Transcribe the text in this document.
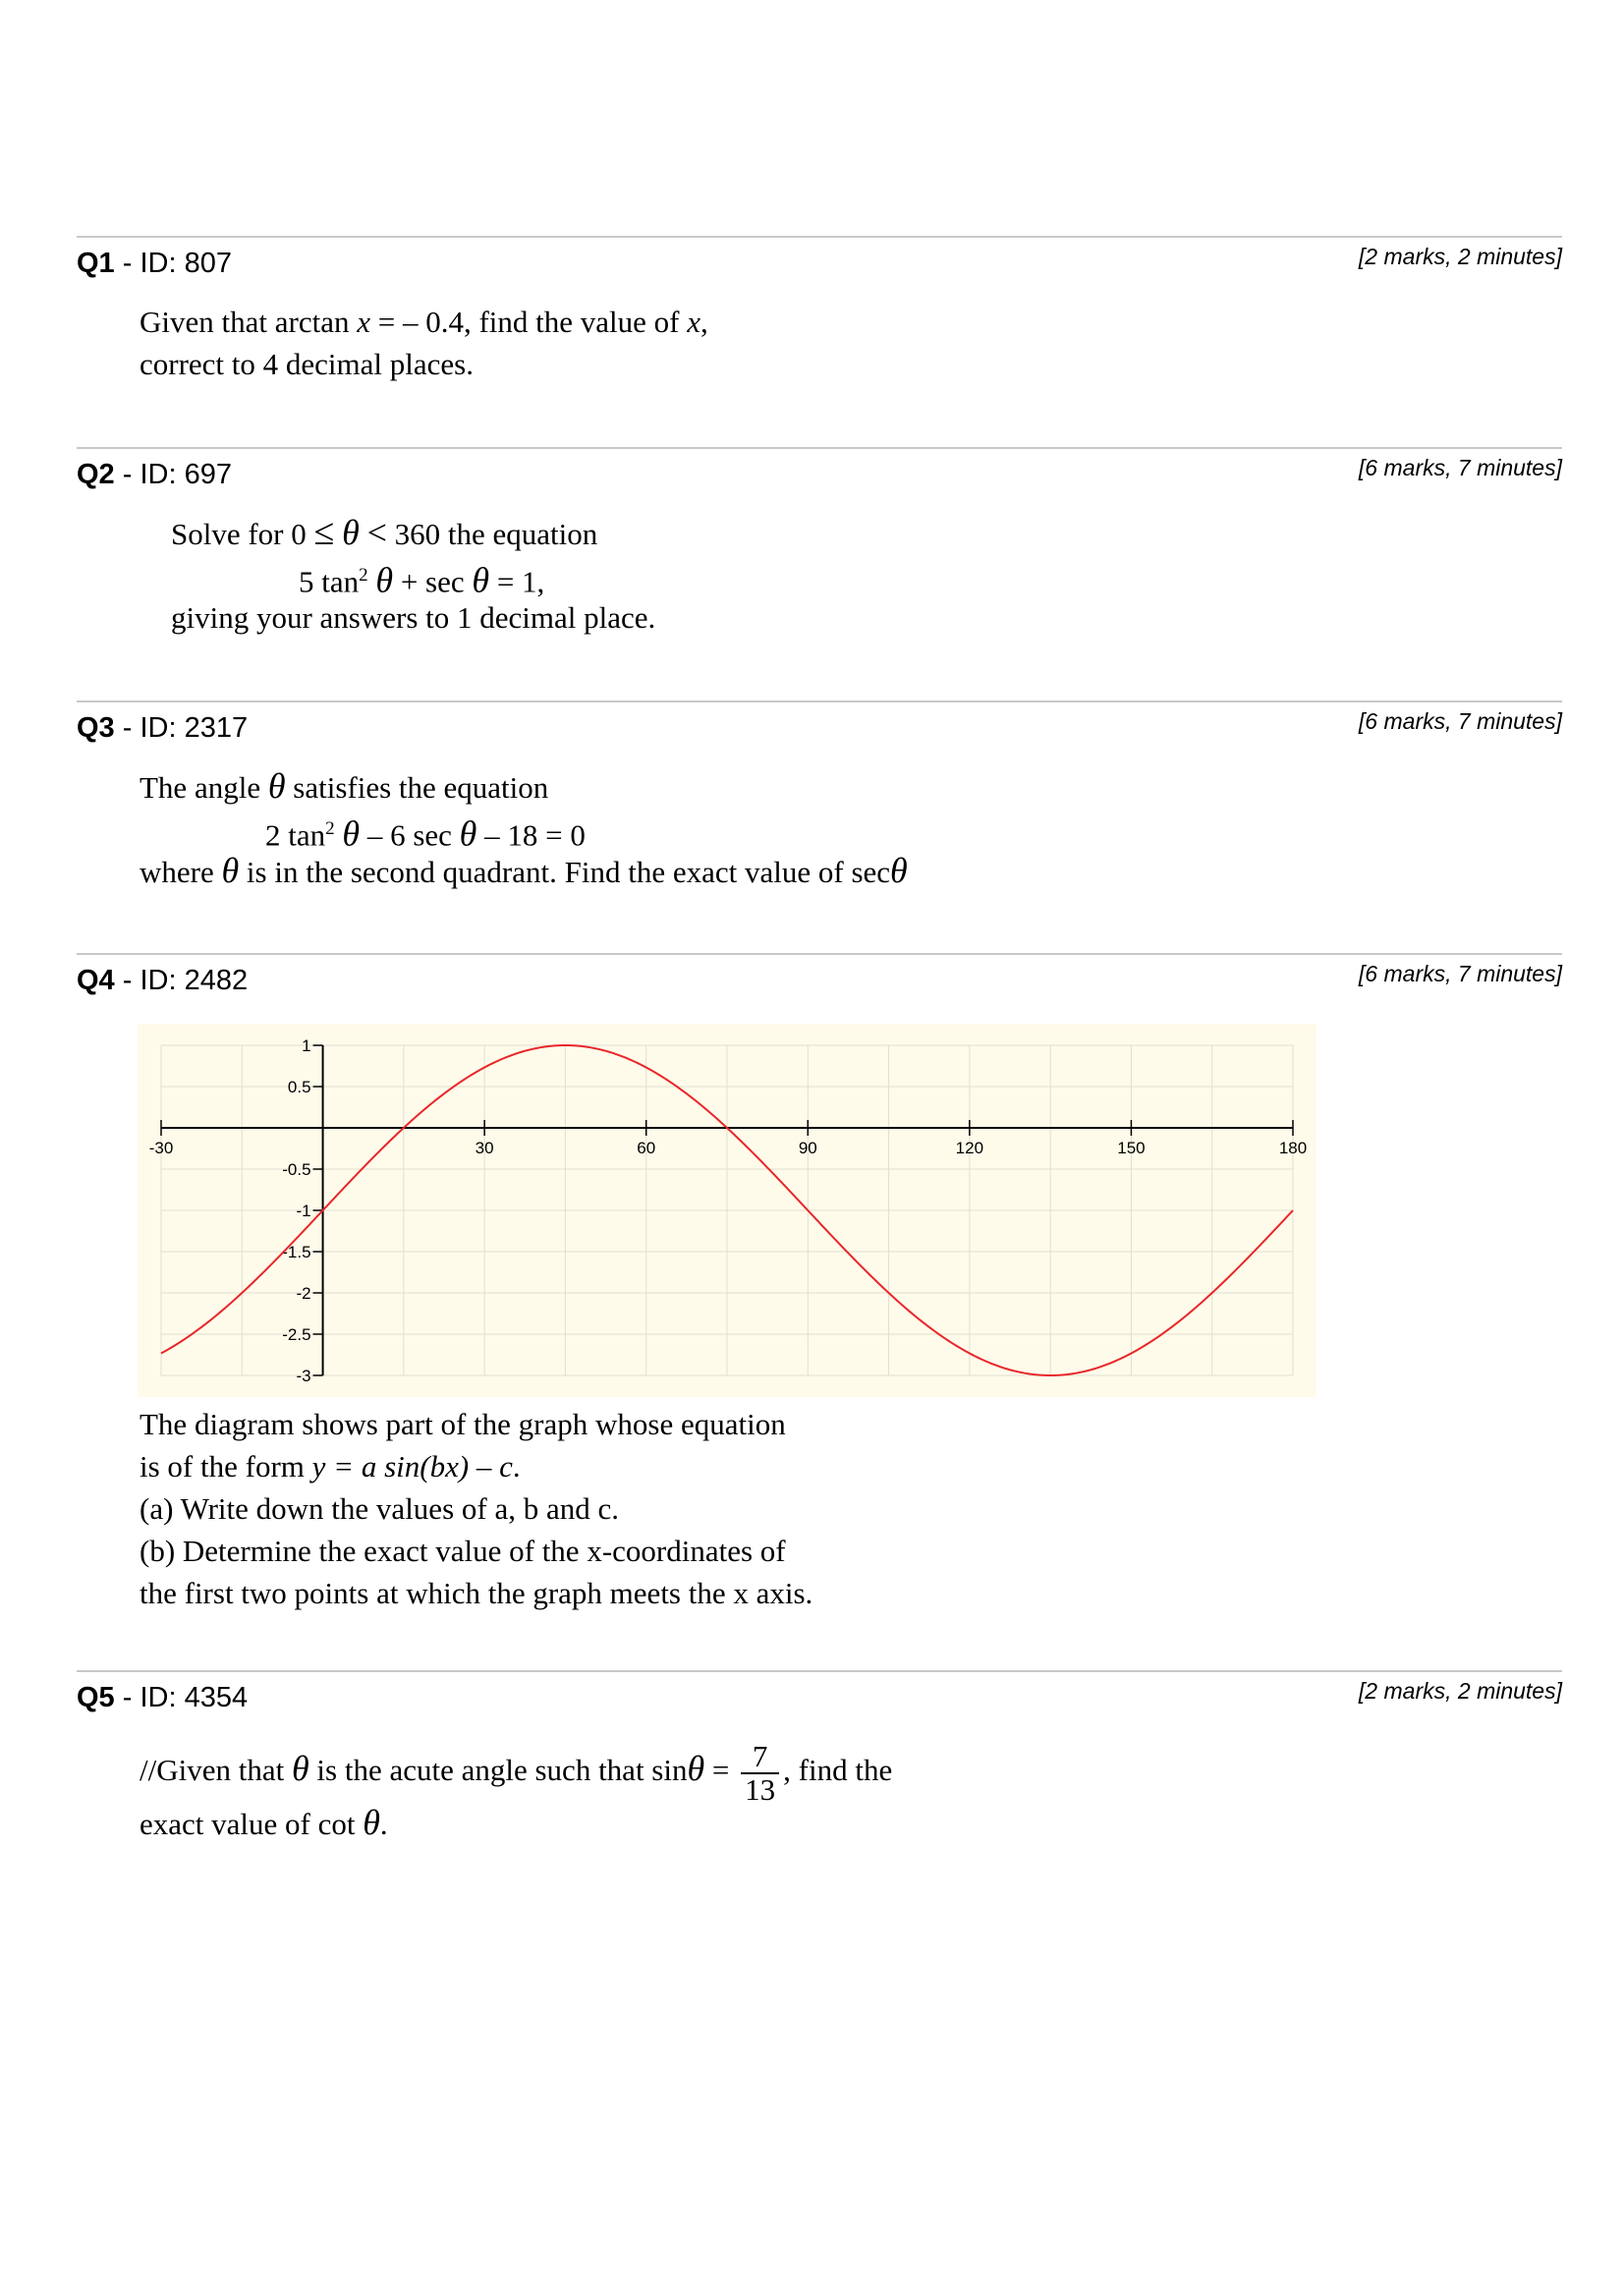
Q1 - ID: 807	[2 marks, 2 minutes]
Given that arctan x = – 0.4, find the value of x,
correct to 4 decimal places.
Q2 - ID: 697	[6 marks, 7 minutes]
Solve for 0 ≤ θ < 360 the equation
5 $\tan^2 \theta + \sec \theta = 1$,
giving your answers to 1 decimal place.
Q3 - ID: 2317	[6 marks, 7 minutes]
The angle θ satisfies the equation
2 $\tan^2 \theta - 6$ sec θ – 18 = 0
where θ is in the second quadrant. Find the exact value of secθ
Q4 - ID: 2482	[6 marks, 7 minutes]
-30	30	60	90	120	150	180
1
0.5
-0.5
-1
-1.5
-2
-2.5
-3
The diagram shows part of the graph whose equation
is of the form y = a sin(bx) – c.
(a) Write down the values of a, b and c.
(b) Determine the exact value of the x-coordinates of
the first two points at which the graph meets the x axis.
Q5 - ID: 4354	[2 marks, 2 minutes]
//Given that θ is the acute angle such that $\sin\theta = \frac{7}{13}$ , find the
exact value of cot θ.
